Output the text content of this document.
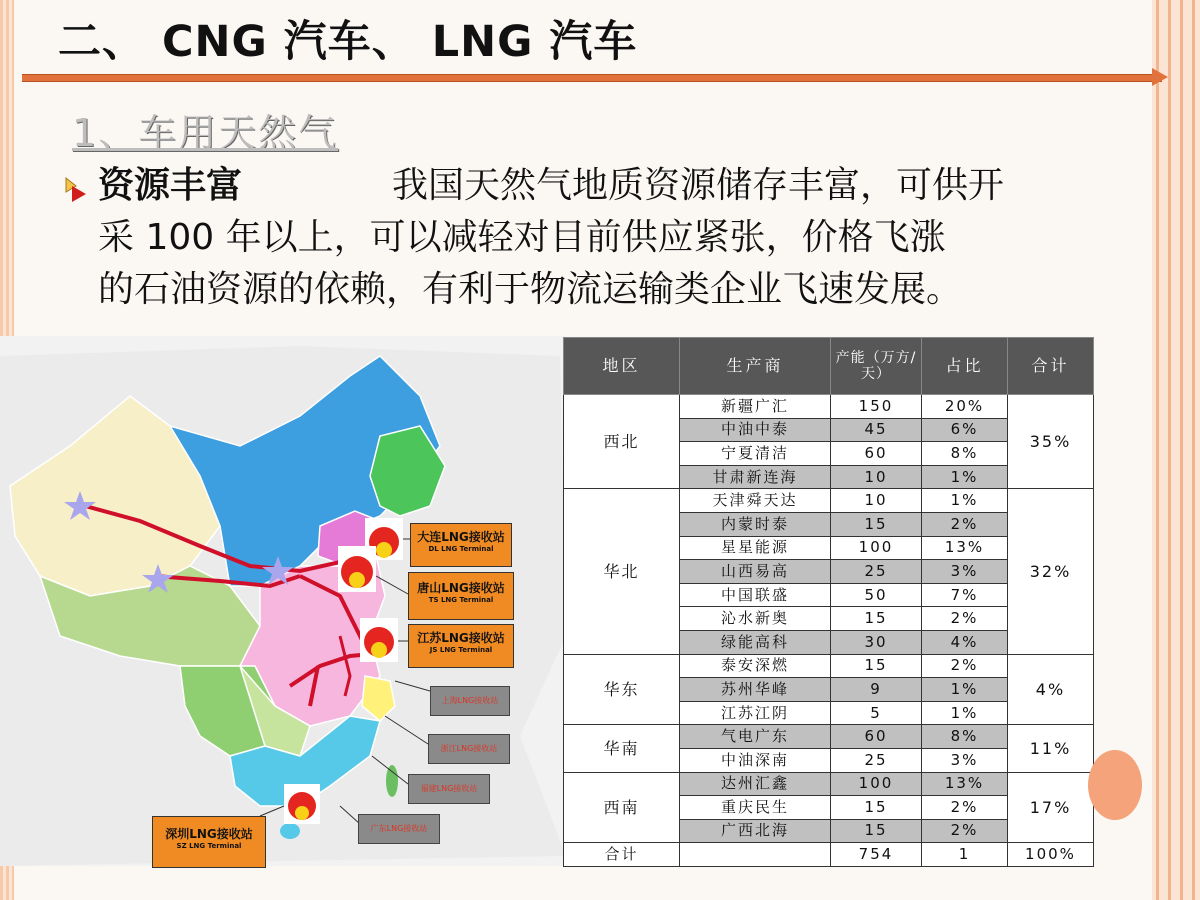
二、 CNG 汽车、 LNG 汽车
1、车用天然气
资源丰富	我国天然气地质资源储存丰富，可供开
采 100 年以上，可以减轻对目前供应紧张，价格飞涨
的石油资源的依赖，有利于物流运输类企业飞速发展。
大连LNG接收站
DL LNG Terminal
唐山LNG接收站
TS LNG Terminal
江苏LNG接收站
JS LNG Terminal
深圳LNG接收站
SZ LNG Terminal
上海LNG接收站
浙江LNG接收站
福建LNG接收站
广东LNG接收站
地区	生产商	产能（万方/天）	占比	合计
西北	新疆广汇	150	20%	35%
	中油中泰	45	6%	
	宁夏清洁	60	8%	
	甘肃新连海	10	1%	
华北	天津舜天达	10	1%	32%
	内蒙时泰	15	2%	
	星星能源	100	13%	
	山西易高	25	3%	
	中国联盛	50	7%	
	沁水新奥	15	2%	
	绿能高科	30	4%	
华东	泰安深燃	15	2%	4%
	苏州华峰	9	1%	
	江苏江阴	5	1%	
华南	气电广东	60	8%	11%
	中油深南	25	3%	
西南	达州汇鑫	100	13%	17%
	重庆民生	15	2%	
	广西北海	15	2%	
合计		754	1	100%
